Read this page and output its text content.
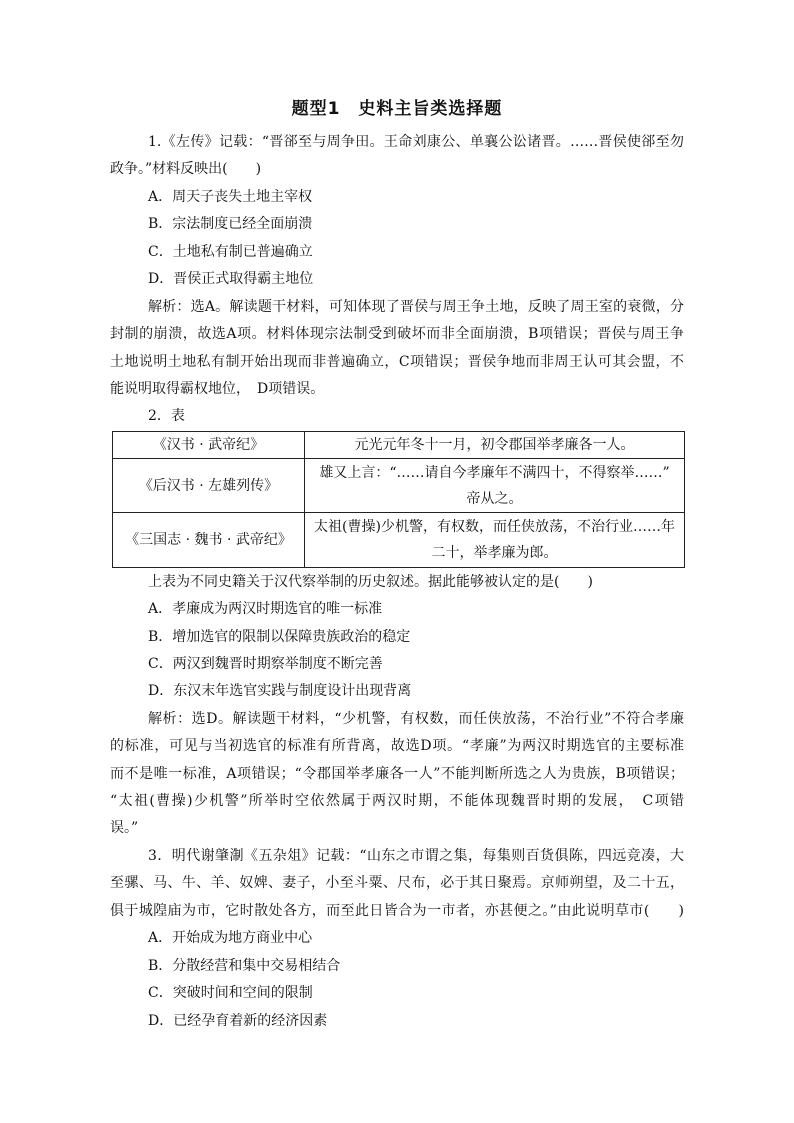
题型1　史料主旨类选择题
1.《左传》记载：“晋郤至与周争田。王命刘康公、单襄公讼诸晋。……晋侯使郤至勿
政争。”材料反映出(　　)
A．周天子丧失土地主宰权
B．宗法制度已经全面崩溃
C．土地私有制已普遍确立
D．晋侯正式取得霸主地位
解析：选A。解读题干材料，可知体现了晋侯与周王争土地，反映了周王室的衰微，分
封制的崩溃，故选A项。材料体现宗法制受到破坏而非全面崩溃，B项错误；晋侯与周王争
土地说明土地私有制开始出现而非普遍确立，C项错误；晋侯争地而非周王认可其会盟，不
能说明取得霸权地位，　D项错误。
2．表
《汉书 · 武帝纪》	元光元年冬十一月，初令郡国举孝廉各一人。

《后汉书 · 左雄列传》	雄又上言：“……请自今孝廉年不满四十，不得察举……”
帝从之。

《三国志 · 魏书 · 武帝纪》	太祖(曹操)少机警，有权数，而任侠放荡，不治行业……年
二十，举孝廉为郎。
上表为不同史籍关于汉代察举制的历史叙述。据此能够被认定的是(　　)
A．孝廉成为两汉时期选官的唯一标准
B．增加选官的限制以保障贵族政治的稳定
C．两汉到魏晋时期察举制度不断完善
D．东汉末年选官实践与制度设计出现背离
解析：选D。解读题干材料，“少机警，有权数，而任侠放荡，不治行业”不符合孝廉
的标准，可见与当初选官的标准有所背离，故选D项。“孝廉”为两汉时期选官的主要标准
而不是唯一标准，A项错误；“令郡国举孝廉各一人”不能判断所选之人为贵族，B项错误；
“太祖(曹操)少机警”所举时空依然属于两汉时期，不能体现魏晋时期的发展，　C项错
误。”
3．明代谢肇淛《五杂俎》记载：“山东之市谓之集，每集则百货俱陈，四远竞凑，大
至骡、马、牛、羊、奴婢、妻子，小至斗粟、尺布，必于其日聚焉。京师朔望，及二十五，
俱于城隍庙为市，它时散处各方，而至此日皆合为一市者，亦甚便之。”由此说明草市(　　)
A．开始成为地方商业中心
B．分散经营和集中交易相结合
C．突破时间和空间的限制
D．已经孕育着新的经济因素
